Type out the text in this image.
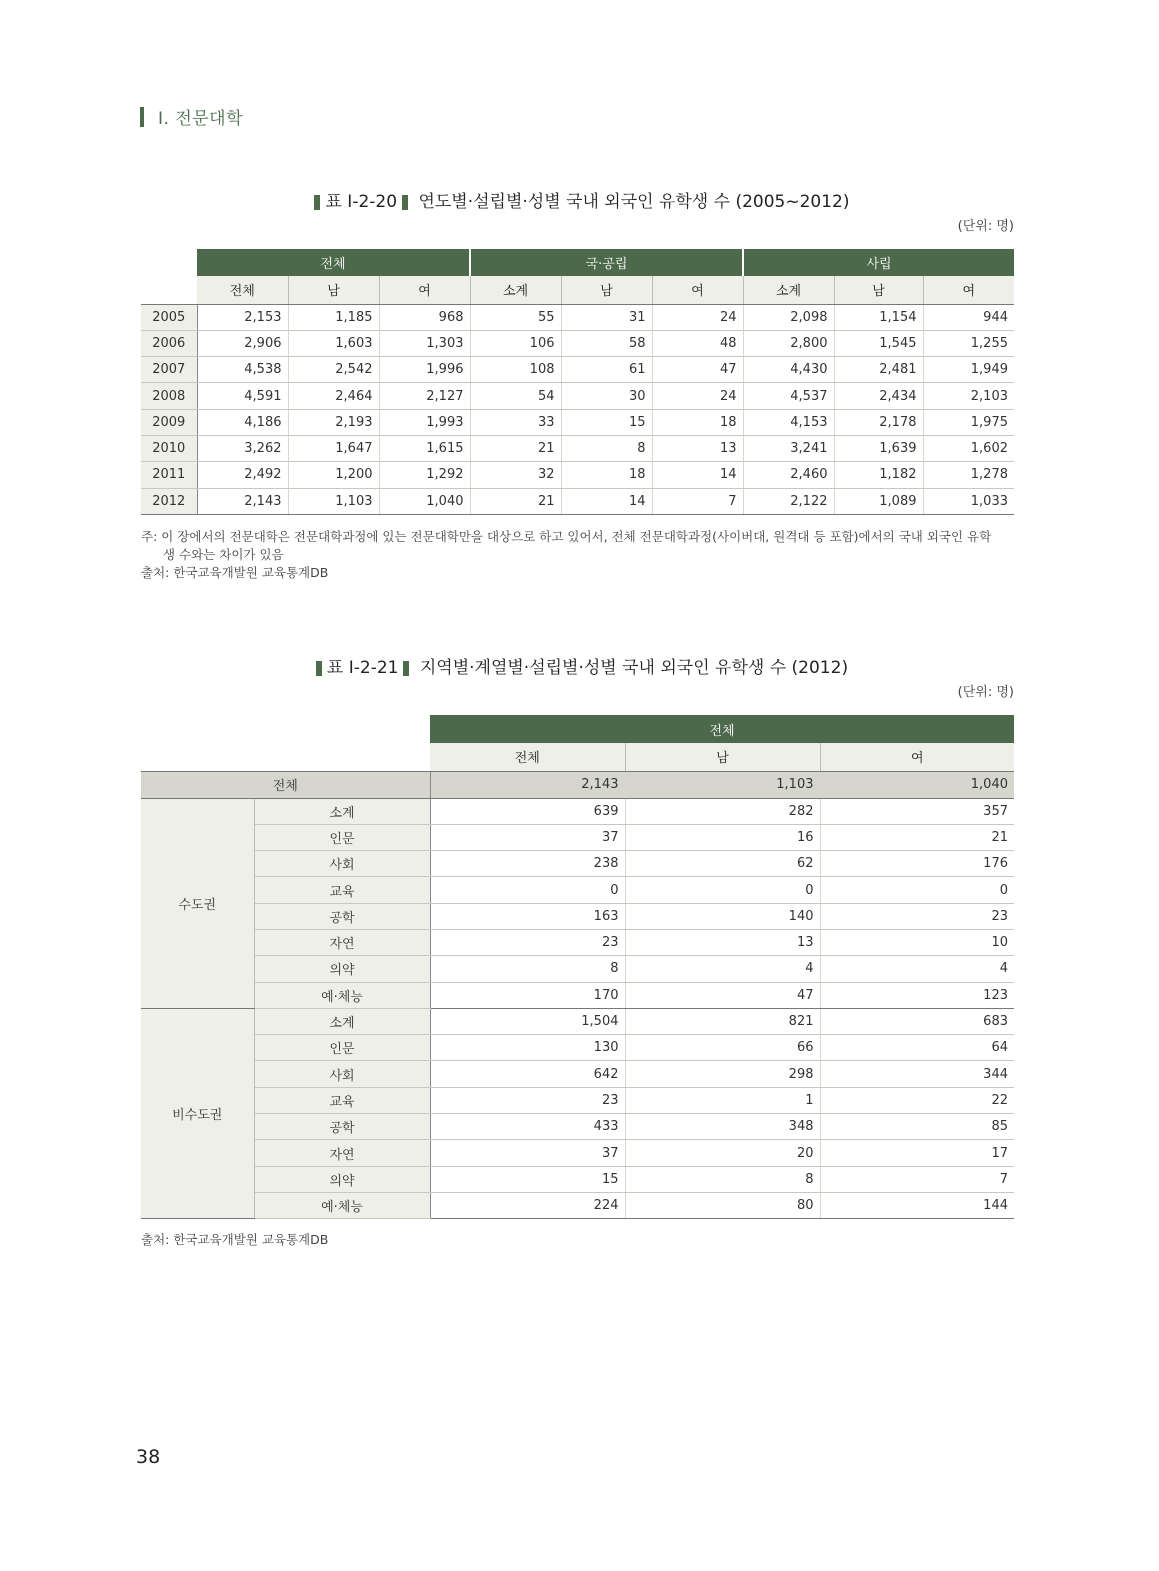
Ⅰ. 전문대학
표 Ⅰ-2-20 연도별·설립별·성별 국내 외국인 유학생 수 (2005~2012)
(단위: 명)
	전체			국·공립			사립		
	전체	남	여	소계	남	여	소계	남	여
2005	2,153	1,185	968	55	31	24	2,098	1,154	944
2006	2,906	1,603	1,303	106	58	48	2,800	1,545	1,255
2007	4,538	2,542	1,996	108	61	47	4,430	2,481	1,949
2008	4,591	2,464	2,127	54	30	24	4,537	2,434	2,103
2009	4,186	2,193	1,993	33	15	18	4,153	2,178	1,975
2010	3,262	1,647	1,615	21	8	13	3,241	1,639	1,602
2011	2,492	1,200	1,292	32	18	14	2,460	1,182	1,278
2012	2,143	1,103	1,040	21	14	7	2,122	1,089	1,033
주: 이 장에서의 전문대학은 전문대학과정에 있는 전문대학만을 대상으로 하고 있어서, 전체 전문대학과정(사이버대, 원격대 등 포함)에서의 국내 외국인 유학
생 수와는 차이가 있음
출처: 한국교육개발원 교육통계DB
표 Ⅰ-2-21 지역별·계열별·설립별·성별 국내 외국인 유학생 수 (2012)
(단위: 명)
		전체		
		전체	남	여
전체		2,143	1,103	1,040
수도권	소계	639	282	357
	인문	37	16	21
	사회	238	62	176
	교육	0	0	0
	공학	163	140	23
	자연	23	13	10
	의약	8	4	4
	예·체능	170	47	123
비수도권	소계	1,504	821	683
	인문	130	66	64
	사회	642	298	344
	교육	23	1	22
	공학	433	348	85
	자연	37	20	17
	의약	15	8	7
	예·체능	224	80	144
출처: 한국교육개발원 교육통계DB
38
